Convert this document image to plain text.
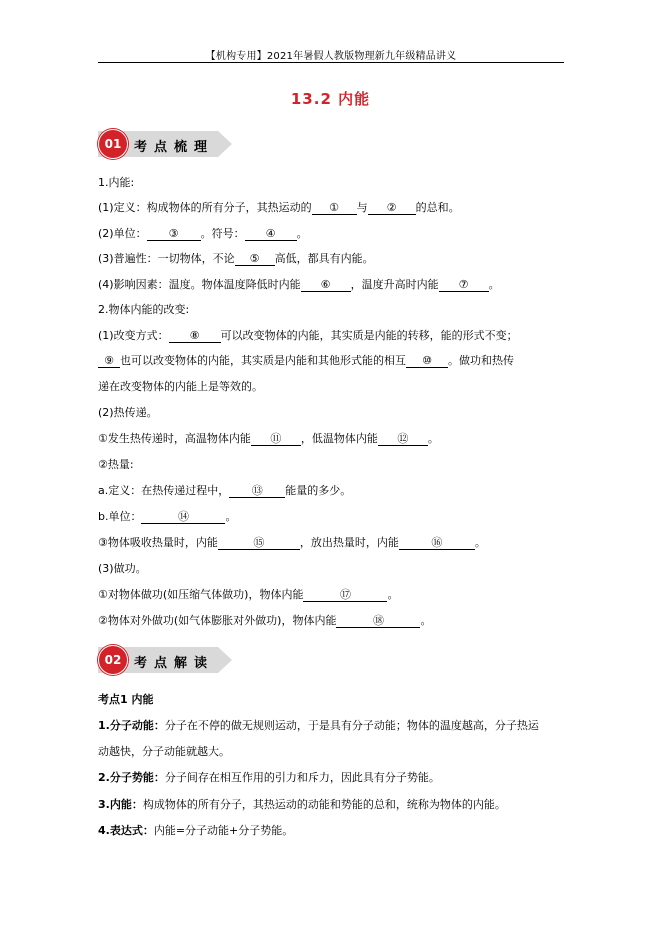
【机构专用】2021年暑假人教版物理新九年级精品讲义
13.2 内能
01 考点梳理
1.内能:
(1)定义：构成物体的所有分子，其热运动的 ① 与 ② 的总和。
(2)单位： ③ 。符号： ④ 。
(3)普遍性：一切物体，不论 ⑤ 高低，都具有内能。
(4)影响因素：温度。物体温度降低时内能 ⑥ ，温度升高时内能 ⑦ 。
2.物体内能的改变:
(1)改变方式： ⑧ 可以改变物体的内能，其实质是内能的转移，能的形式不变；
⑨ 也可以改变物体的内能，其实质是内能和其他形式能的相互 ⑩ 。做功和热传
递在改变物体的内能上是等效的。
(2)热传递。
①发生热传递时，高温物体内能 ⑪ ，低温物体内能 ⑫ 。
②热量:
a.定义：在热传递过程中， ⑬ 能量的多少。
b.单位：	⑭	。
③物体吸收热量时，内能	⑮	，放出热量时，内能	⑯	。
(3)做功。
①对物体做功(如压缩气体做功)，物体内能	⑰	。
②物体对外做功(如气体膨胀对外做功)，物体内能	⑱	。
02 考点解读
考点1 内能
1.分子动能：分子在不停的做无规则运动，于是具有分子动能；物体的温度越高，分子热运
动越快，分子动能就越大。
2.分子势能：分子间存在相互作用的引力和斥力，因此具有分子势能。
3.内能：构成物体的所有分子，其热运动的动能和势能的总和，统称为物体的内能。
4.表达式：内能=分子动能+分子势能。
